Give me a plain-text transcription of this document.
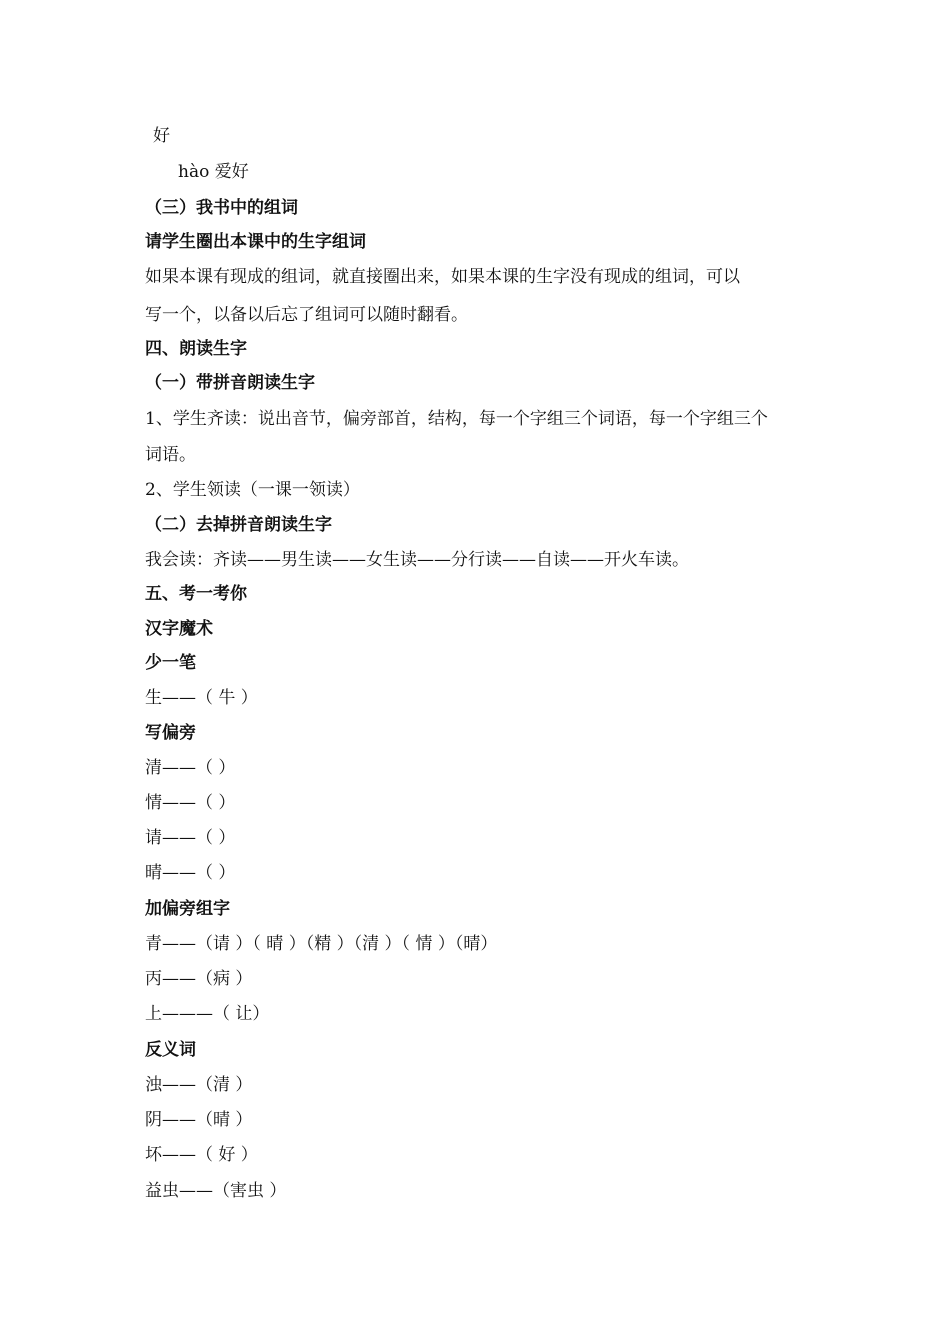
好
hào 爱好
（三）我书中的组词
请学生圈出本课中的生字组词
如果本课有现成的组词，就直接圈出来，如果本课的生字没有现成的组词，可以
写一个，以备以后忘了组词可以随时翻看。
四、朗读生字
（一）带拼音朗读生字
1、学生齐读：说出音节，偏旁部首，结构，每一个字组三个词语，每一个字组三个
词语。
2、学生领读（一课一领读）
（二）去掉拼音朗读生字
我会读：齐读——男生读——女生读——分行读——自读——开火车读。
五、考一考你
汉字魔术
少一笔
生——（ 牛 ）
写偏旁
清——（ ）
情——（ ）
请——（ ）
晴——（ ）
加偏旁组字
青——（请 ）（ 晴 ）（精 ）（清 ）（ 情 ）（晴）
丙——（病 ）
上———（ 让）
反义词
浊——（清 ）
阴——（晴 ）
坏——（ 好 ）
益虫——（害虫 ）
